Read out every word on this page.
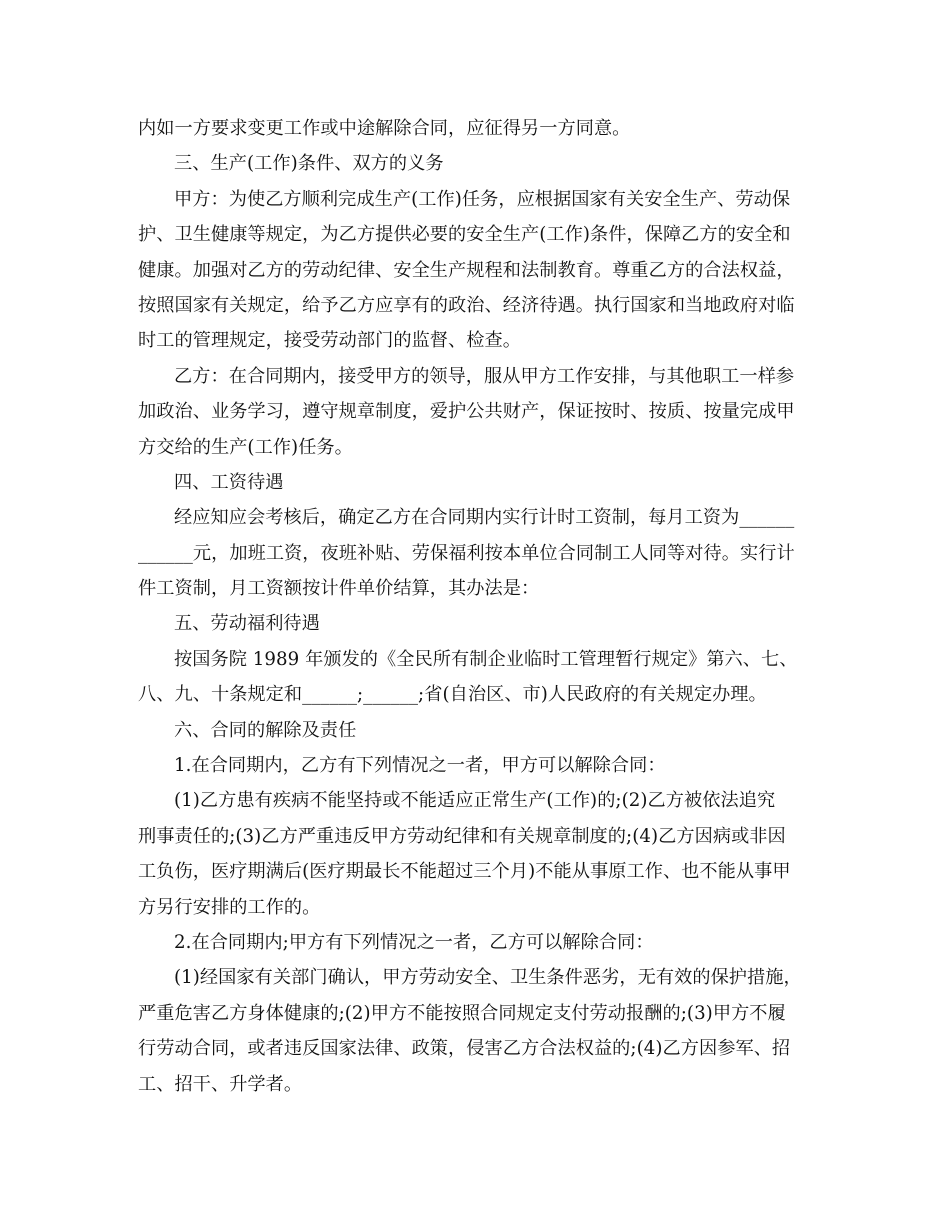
内如一方要求变更工作或中途解除合同，应征得另一方同意。
三、生产(工作)条件、双方的义务
甲方：为使乙方顺利完成生产(工作)任务，应根据国家有关安全生产、劳动保
护、卫生健康等规定，为乙方提供必要的安全生产(工作)条件，保障乙方的安全和
健康。加强对乙方的劳动纪律、安全生产规程和法制教育。尊重乙方的合法权益，
按照国家有关规定，给予乙方应享有的政治、经济待遇。执行国家和当地政府对临
时工的管理规定，接受劳动部门的监督、检查。
乙方：在合同期内，接受甲方的领导，服从甲方工作安排，与其他职工一样参
加政治、业务学习，遵守规章制度，爱护公共财产，保证按时、按质、按量完成甲
方交给的生产(工作)任务。
四、工资待遇
经应知应会考核后，确定乙方在合同期内实行计时工资制，每月工资为______
______元，加班工资，夜班补贴、劳保福利按本单位合同制工人同等对待。实行计
件工资制，月工资额按计件单价结算，其办法是：
五、劳动福利待遇
按国务院 1989 年颁发的《全民所有制企业临时工管理暂行规定》第六、七、
八、九、十条规定和______;______;省(自治区、市)人民政府的有关规定办理。
六、合同的解除及责任
1.在合同期内，乙方有下列情况之一者，甲方可以解除合同：
(1)乙方患有疾病不能坚持或不能适应正常生产(工作)的;(2)乙方被依法追究
刑事责任的;(3)乙方严重违反甲方劳动纪律和有关规章制度的;(4)乙方因病或非因
工负伤，医疗期满后(医疗期最长不能超过三个月)不能从事原工作、也不能从事甲
方另行安排的工作的。
2.在合同期内;甲方有下列情况之一者，乙方可以解除合同：
(1)经国家有关部门确认，甲方劳动安全、卫生条件恶劣，无有效的保护措施，
严重危害乙方身体健康的;(2)甲方不能按照合同规定支付劳动报酬的;(3)甲方不履
行劳动合同，或者违反国家法律、政策，侵害乙方合法权益的;(4)乙方因参军、招
工、招干、升学者。
